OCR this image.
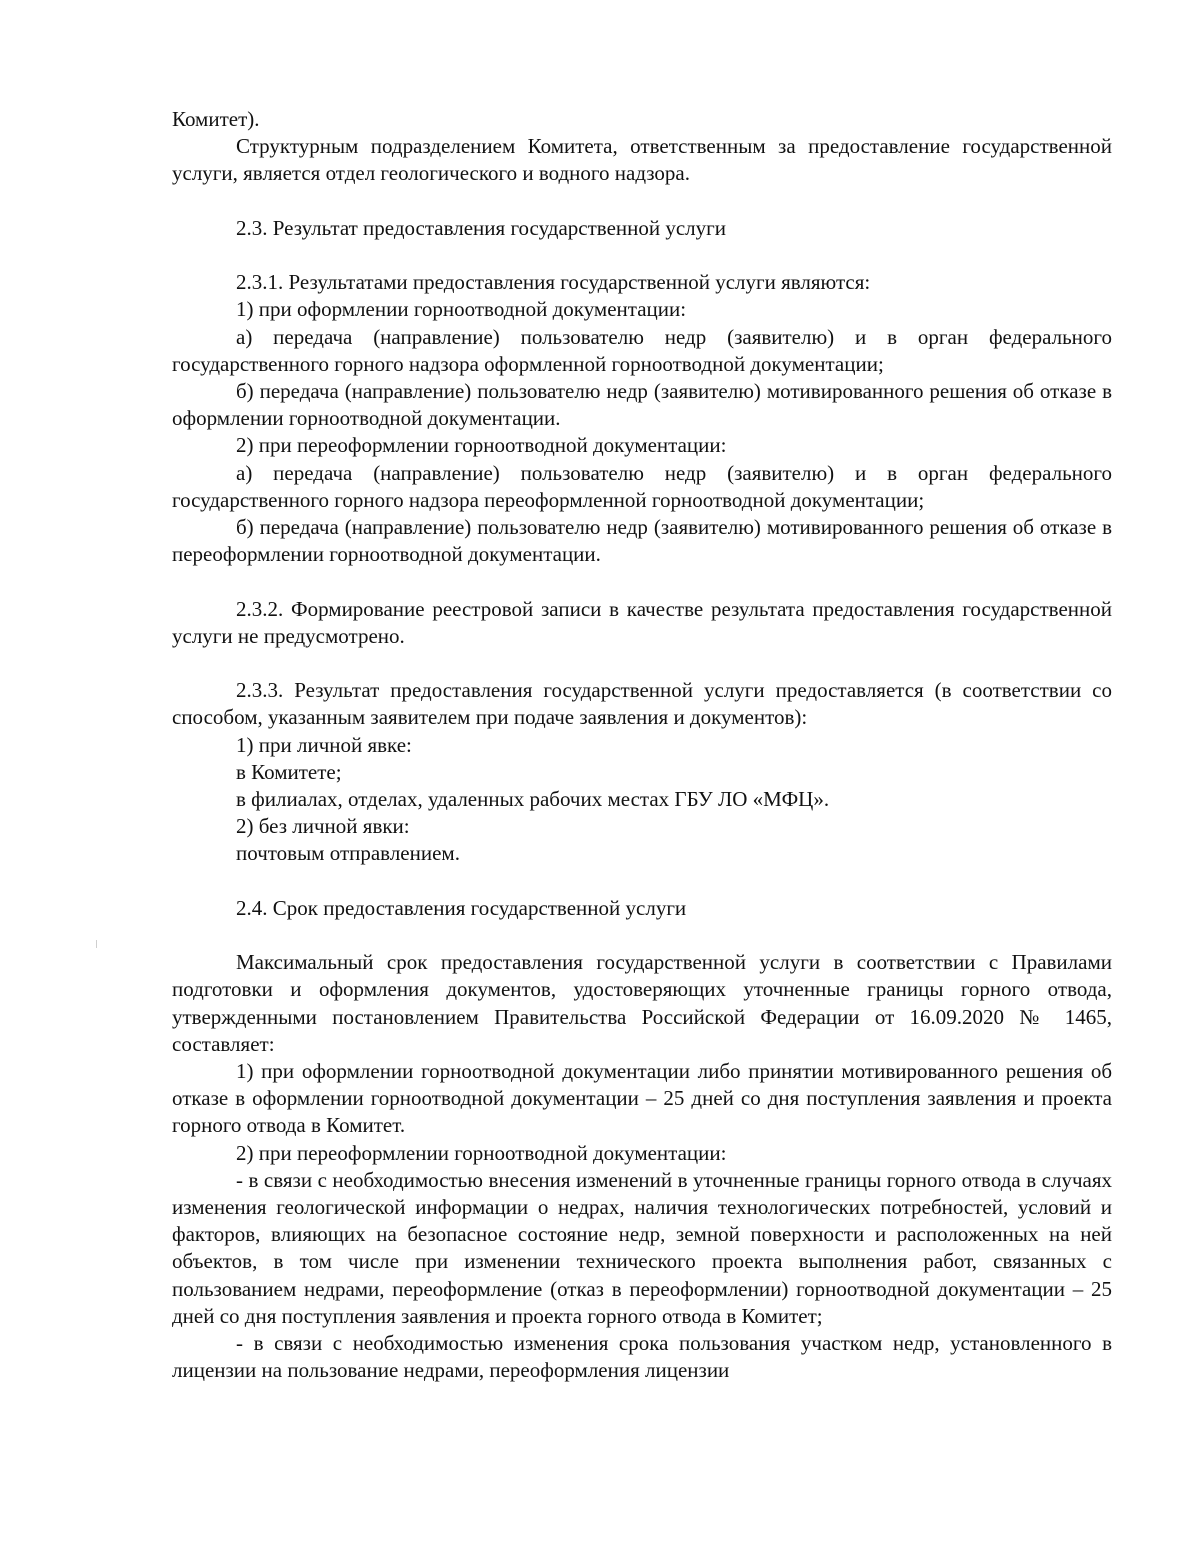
Комитет).

Структурным подразделением Комитета, ответственным за предоставление государственной услуги, является отдел геологического и водного надзора.

2.3. Результат предоставления государственной услуги

2.3.1. Результатами предоставления государственной услуги являются:

1) при оформлении горноотводной документации:

а) передача (направление) пользователю недр (заявителю) и в орган федерального государственного горного надзора оформленной горноотводной документации;

б) передача (направление) пользователю недр (заявителю) мотивированного решения об отказе в оформлении горноотводной документации.

2) при переоформлении горноотводной документации:

а) передача (направление) пользователю недр (заявителю) и в орган федерального государственного горного надзора переоформленной горноотводной документации;

б) передача (направление) пользователю недр (заявителю) мотивированного решения об отказе в переоформлении горноотводной документации.

2.3.2. Формирование реестровой записи в качестве результата предоставления государственной услуги не предусмотрено.

2.3.3. Результат предоставления государственной услуги предоставляется (в соответствии со способом, указанным заявителем при подаче заявления и документов):

1) при личной явке:

в Комитете;

в филиалах, отделах, удаленных рабочих местах ГБУ ЛО «МФЦ».

2) без личной явки:

почтовым отправлением.

2.4. Срок предоставления государственной услуги

Максимальный срок предоставления государственной услуги в соответствии с Правилами подготовки и оформления документов, удостоверяющих уточненные границы горного отвода, утвержденными постановлением Правительства Российской Федерации от 16.09.2020 № 1465, составляет:

1) при оформлении горноотводной документации либо принятии мотивированного решения об отказе в оформлении горноотводной документации – 25 дней со дня поступления заявления и проекта горного отвода в Комитет.

2) при переоформлении горноотводной документации:

- в связи с необходимостью внесения изменений в уточненные границы горного отвода в случаях изменения геологической информации о недрах, наличия технологических потребностей, условий и факторов, влияющих на безопасное состояние недр, земной поверхности и расположенных на ней объектов, в том числе при изменении технического проекта выполнения работ, связанных с пользованием недрами, переоформление (отказ в переоформлении) горноотводной документации – 25 дней со дня поступления заявления и проекта горного отвода в Комитет;

- в связи с необходимостью изменения срока пользования участком недр, установленного в лицензии на пользование недрами, переоформления лицензии
